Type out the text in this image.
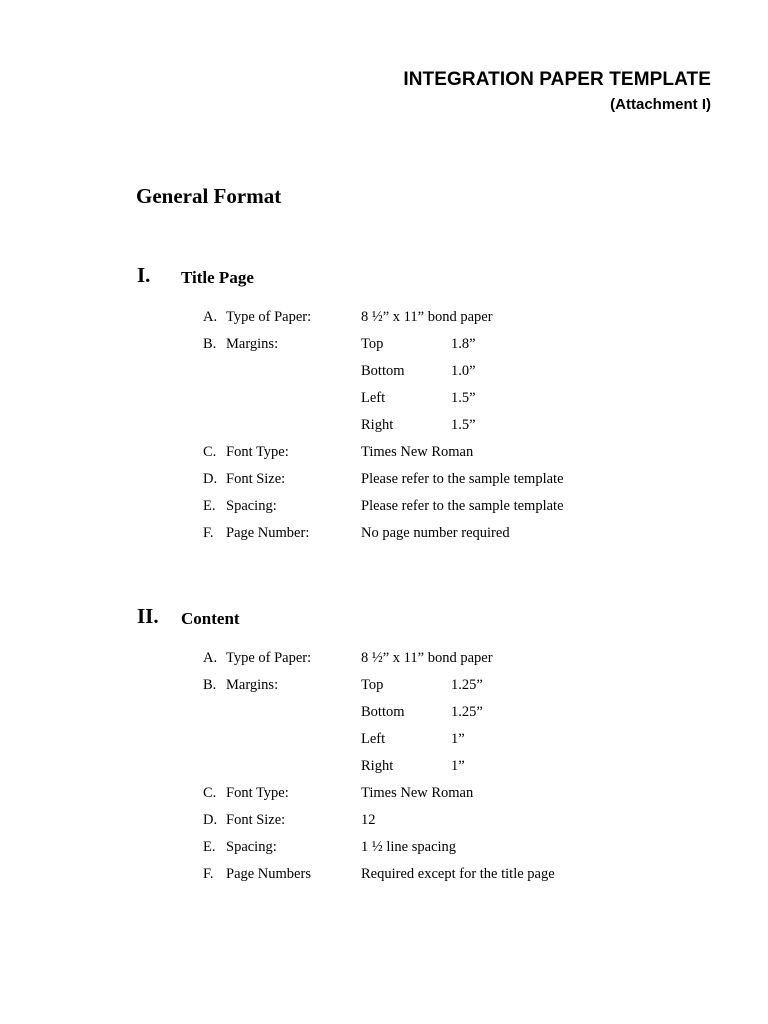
INTEGRATION PAPER TEMPLATE
(Attachment I)
General Format
I. Title Page
A. Type of Paper:	8 ½” x 11” bond paper
B. Margins:	Top	1.8”
Bottom	1.0”
Left	1.5”
Right	1.5”
C. Font Type:	Times New Roman
D. Font Size:	Please refer to the sample template
E. Spacing:	Please refer to the sample template
F. Page Number:	No page number required
II. Content
A. Type of Paper:	8 ½” x 11” bond paper
B. Margins:	Top	1.25”
Bottom	1.25”
Left	1”
Right	1”
C. Font Type:	Times New Roman
D. Font Size:	12
E. Spacing:	1 ½ line spacing
F. Page Numbers	Required except for the title page
